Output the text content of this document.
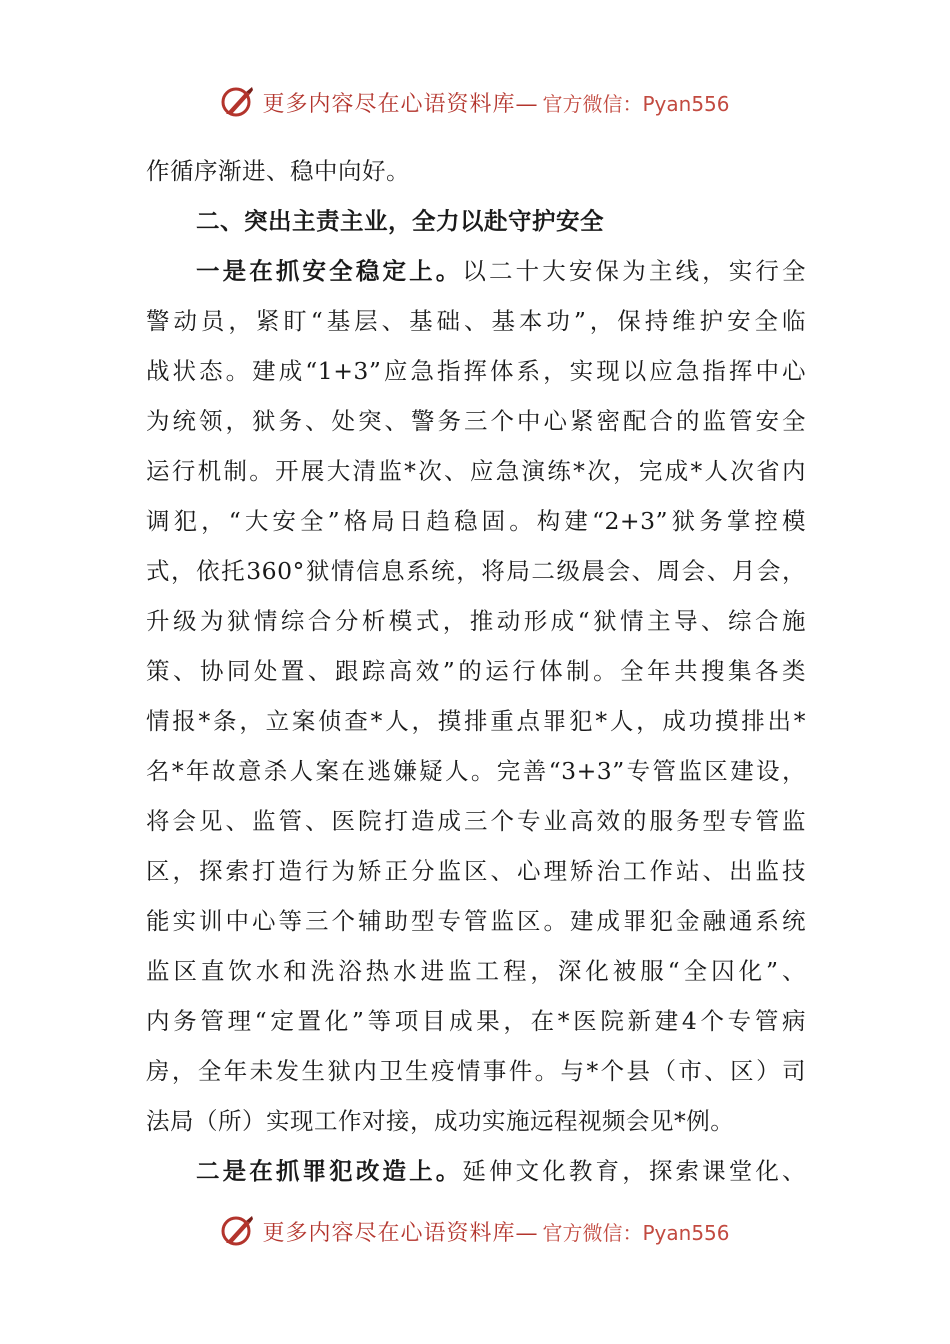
更多内容尽在心语资料库— 官方微信：Pyan556
作循序渐进、稳中向好。
二、突出主责主业，全力以赴守护安全
一是在抓安全稳定上。以二十大安保为主线，实行全
警动员，紧盯“基层、基础、基本功”，保持维护安全临
战状态。建成“1+3”应急指挥体系，实现以应急指挥中心
为统领，狱务、处突、警务三个中心紧密配合的监管安全
运行机制。开展大清监*次、应急演练*次，完成*人次省内
调犯，“大安全”格局日趋稳固。构建“2+3”狱务掌控模
式，依托360°狱情信息系统，将局二级晨会、周会、月会，
升级为狱情综合分析模式，推动形成“狱情主导、综合施
策、协同处置、跟踪高效”的运行体制。全年共搜集各类
情报*条，立案侦查*人，摸排重点罪犯*人，成功摸排出*
名*年故意杀人案在逃嫌疑人。完善“3+3”专管监区建设，
将会见、监管、医院打造成三个专业高效的服务型专管监
区，探索打造行为矫正分监区、心理矫治工作站、出监技
能实训中心等三个辅助型专管监区。建成罪犯金融通系统
监区直饮水和洗浴热水进监工程，深化被服“全囚化”、
内务管理“定置化”等项目成果，在*医院新建4个专管病
房，全年未发生狱内卫生疫情事件。与*个县（市、区）司
法局（所）实现工作对接，成功实施远程视频会见*例。
二是在抓罪犯改造上。延伸文化教育，探索课堂化、
更多内容尽在心语资料库— 官方微信：Pyan556
